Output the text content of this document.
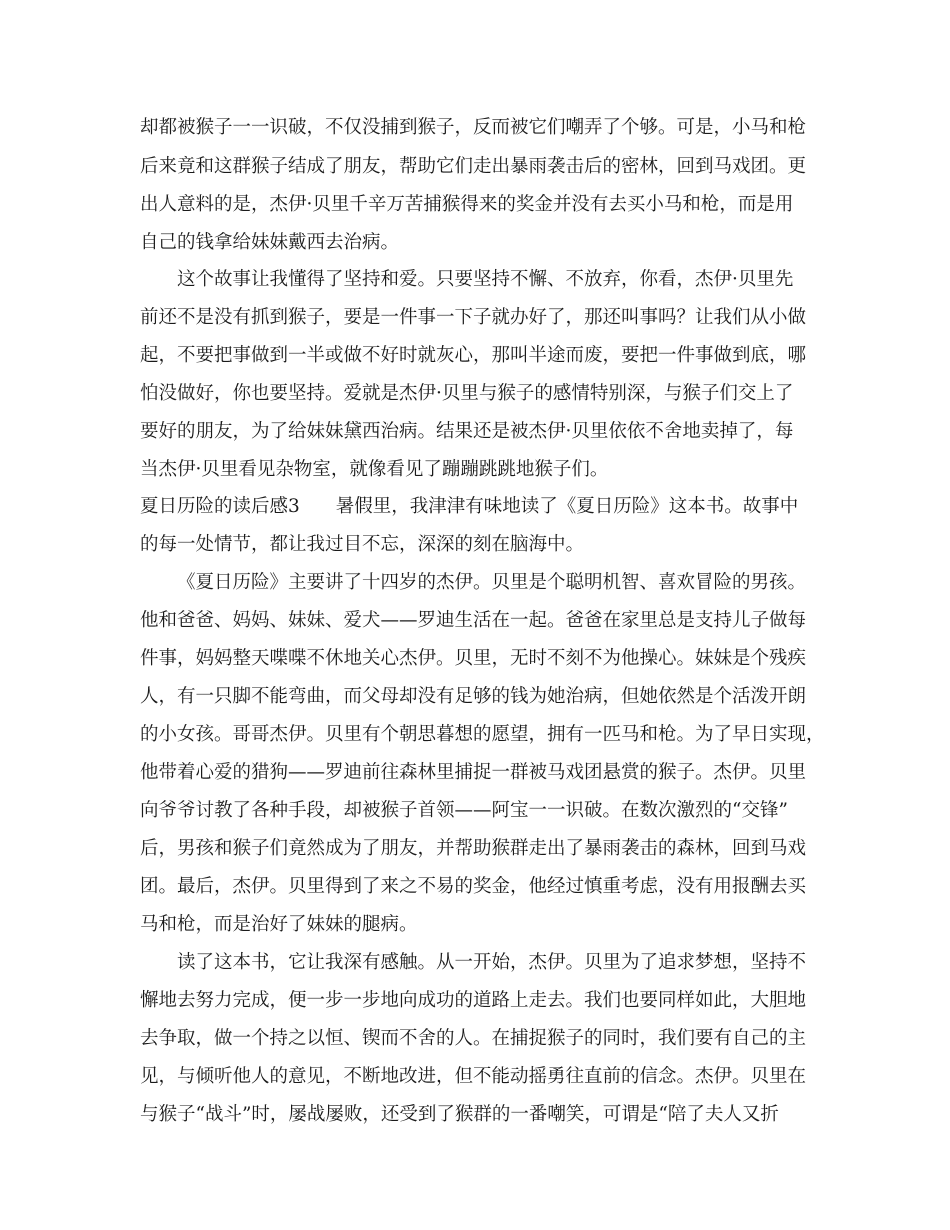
却都被猴子一一识破，不仅没捕到猴子，反而被它们嘲弄了个够。可是，小马和枪
后来竟和这群猴子结成了朋友，帮助它们走出暴雨袭击后的密林，回到马戏团。更
出人意料的是，杰伊·贝里千辛万苦捕猴得来的奖金并没有去买小马和枪，而是用
自己的钱拿给妹妹戴西去治病。
这个故事让我懂得了坚持和爱。只要坚持不懈、不放弃，你看，杰伊·贝里先
前还不是没有抓到猴子，要是一件事一下子就办好了，那还叫事吗？让我们从小做
起，不要把事做到一半或做不好时就灰心，那叫半途而废，要把一件事做到底，哪
怕没做好，你也要坚持。爱就是杰伊·贝里与猴子的感情特别深，与猴子们交上了
要好的朋友，为了给妹妹黛西治病。结果还是被杰伊·贝里依依不舍地卖掉了，每
当杰伊·贝里看见杂物室，就像看见了蹦蹦跳跳地猴子们。
夏日历险的读后感3 暑假里，我津津有味地读了《夏日历险》这本书。故事中
的每一处情节，都让我过目不忘，深深的刻在脑海中。
《夏日历险》主要讲了十四岁的杰伊。贝里是个聪明机智、喜欢冒险的男孩。
他和爸爸、妈妈、妹妹、爱犬——罗迪生活在一起。爸爸在家里总是支持儿子做每
件事，妈妈整天喋喋不休地关心杰伊。贝里，无时不刻不为他操心。妹妹是个残疾
人，有一只脚不能弯曲，而父母却没有足够的钱为她治病，但她依然是个活泼开朗
的小女孩。哥哥杰伊。贝里有个朝思暮想的愿望，拥有一匹马和枪。为了早日实现，
他带着心爱的猎狗——罗迪前往森林里捕捉一群被马戏团悬赏的猴子。杰伊。贝里
向爷爷讨教了各种手段，却被猴子首领——阿宝一一识破。在数次激烈的“交锋”
后，男孩和猴子们竟然成为了朋友，并帮助猴群走出了暴雨袭击的森林，回到马戏
团。最后，杰伊。贝里得到了来之不易的奖金，他经过慎重考虑，没有用报酬去买
马和枪，而是治好了妹妹的腿病。
读了这本书，它让我深有感触。从一开始，杰伊。贝里为了追求梦想，坚持不
懈地去努力完成，便一步一步地向成功的道路上走去。我们也要同样如此，大胆地
去争取，做一个持之以恒、锲而不舍的人。在捕捉猴子的同时，我们要有自己的主
见，与倾听他人的意见，不断地改进，但不能动摇勇往直前的信念。杰伊。贝里在
与猴子“战斗”时，屡战屡败，还受到了猴群的一番嘲笑，可谓是“陪了夫人又折
